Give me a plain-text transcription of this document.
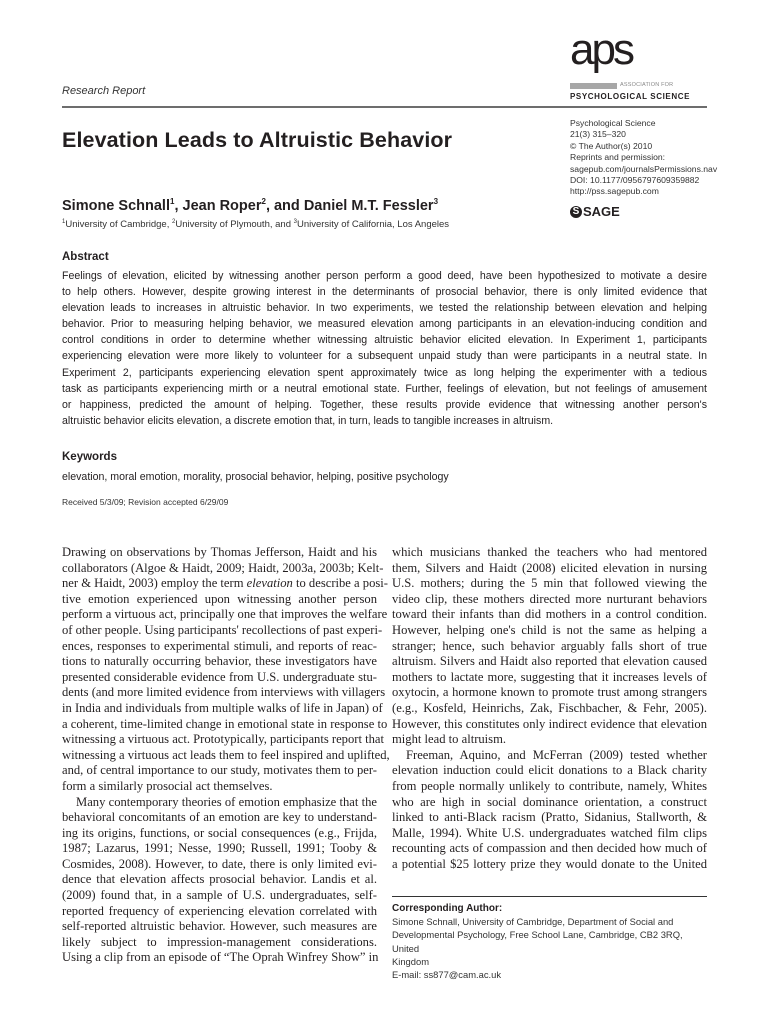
Research Report
Elevation Leads to Altruistic Behavior
Simone Schnall$^1$, Jean Roper$^2$, and Daniel M.T. Fessler$^3$
$^1$University of Cambridge, $^2$University of Plymouth, and $^3$University of California, Los Angeles
aps
ASSOCIATION FOR
PSYCHOLOGICAL SCIENCE
Psychological Science
21(3) 315–320
© The Author(s) 2010
Reprints and permission:
sagepub.com/journalsPermissions.nav
DOI: 10.1177/0956797609359882
http://pss.sagepub.com
S SAGE
Abstract
Feelings of elevation, elicited by witnessing another person perform a good deed, have been hypothesized to motivate a desire
to help others. However, despite growing interest in the determinants of prosocial behavior, there is only limited evidence that
elevation leads to increases in altruistic behavior. In two experiments, we tested the relationship between elevation and helping
behavior. Prior to measuring helping behavior, we measured elevation among participants in an elevation-inducing condition and
control conditions in order to determine whether witnessing altruistic behavior elicited elevation. In Experiment 1, participants
experiencing elevation were more likely to volunteer for a subsequent unpaid study than were participants in a neutral state. In
Experiment 2, participants experiencing elevation spent approximately twice as long helping the experimenter with a tedious
task as participants experiencing mirth or a neutral emotional state. Further, feelings of elevation, but not feelings of amusement
or happiness, predicted the amount of helping. Together, these results provide evidence that witnessing another person's
altruistic behavior elicits elevation, a discrete emotion that, in turn, leads to tangible increases in altruism.
Keywords
elevation, moral emotion, morality, prosocial behavior, helping, positive psychology
Received 5/3/09; Revision accepted 6/29/09
Drawing on observations by Thomas Jefferson, Haidt and his
collaborators (Algoe & Haidt, 2009; Haidt, 2003a, 2003b; Kelt-
ner & Haidt, 2003) employ the term elevation to describe a posi-
tive emotion experienced upon witnessing another person
perform a virtuous act, principally one that improves the welfare
of other people. Using participants' recollections of past experi-
ences, responses to experimental stimuli, and reports of reac-
tions to naturally occurring behavior, these investigators have
presented considerable evidence from U.S. undergraduate stu-
dents (and more limited evidence from interviews with villagers
in India and individuals from multiple walks of life in Japan) of
a coherent, time-limited change in emotional state in response to
witnessing a virtuous act. Prototypically, participants report that
witnessing a virtuous act leads them to feel inspired and uplifted,
and, of central importance to our study, motivates them to per-
form a similarly prosocial act themselves.
Many contemporary theories of emotion emphasize that the
behavioral concomitants of an emotion are key to understand-
ing its origins, functions, or social consequences (e.g., Frijda,
1987; Lazarus, 1991; Nesse, 1990; Russell, 1991; Tooby &
Cosmides, 2008). However, to date, there is only limited evi-
dence that elevation affects prosocial behavior. Landis et al.
(2009) found that, in a sample of U.S. undergraduates, self-
reported frequency of experiencing elevation correlated with
self-reported altruistic behavior. However, such measures are
likely subject to impression-management considerations.
Using a clip from an episode of “The Oprah Winfrey Show” in
which musicians thanked the teachers who had mentored
them, Silvers and Haidt (2008) elicited elevation in nursing
U.S. mothers; during the 5 min that followed viewing the
video clip, these mothers directed more nurturant behaviors
toward their infants than did mothers in a control condition.
However, helping one's child is not the same as helping a
stranger; hence, such behavior arguably falls short of true
altruism. Silvers and Haidt also reported that elevation caused
mothers to lactate more, suggesting that it increases levels of
oxytocin, a hormone known to promote trust among strangers
(e.g., Kosfeld, Heinrichs, Zak, Fischbacher, & Fehr, 2005).
However, this constitutes only indirect evidence that elevation
might lead to altruism.
Freeman, Aquino, and McFerran (2009) tested whether
elevation induction could elicit donations to a Black charity
from people normally unlikely to contribute, namely, Whites
who are high in social dominance orientation, a construct
linked to anti-Black racism (Pratto, Sidanius, Stallworth, &
Malle, 1994). White U.S. undergraduates watched film clips
recounting acts of compassion and then decided how much of
a potential $25 lottery prize they would donate to the United
Corresponding Author:
Simone Schnall, University of Cambridge, Department of Social and
Developmental Psychology, Free School Lane, Cambridge, CB2 3RQ, United
Kingdom
E-mail: ss877@cam.ac.uk
